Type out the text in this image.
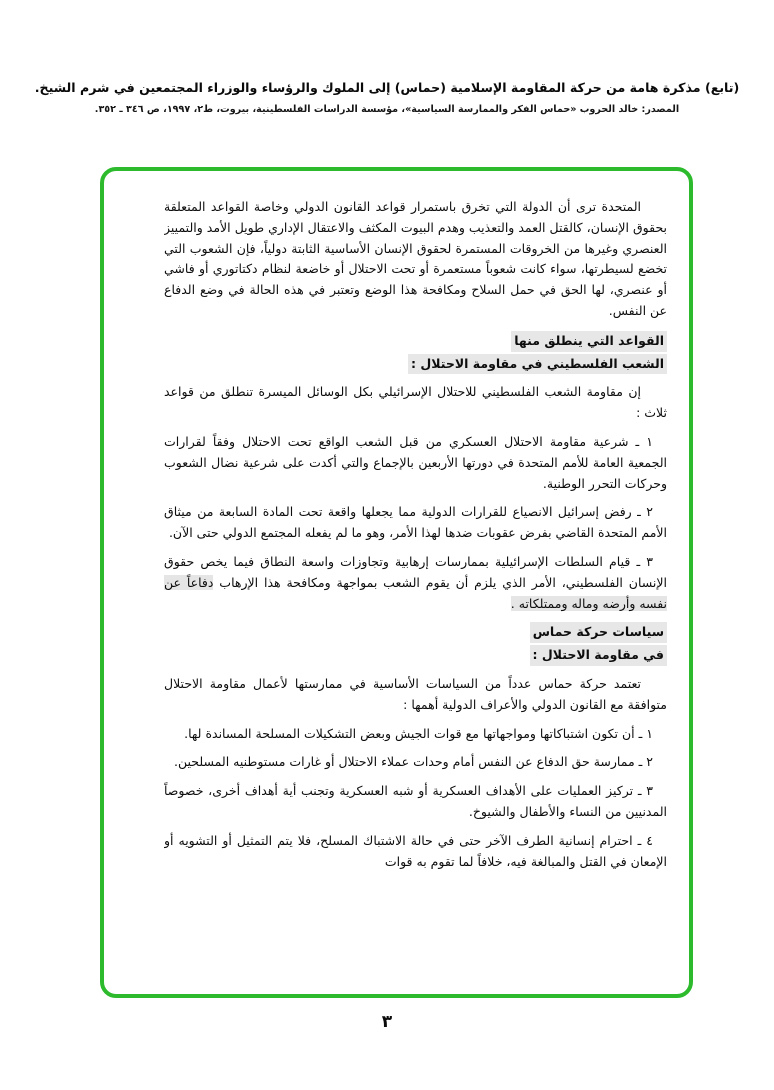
(تابع) مذكرة هامة من حركة المقاومة الإسلامية (حماس) إلى الملوك والرؤساء والوزراء المجتمعين في شرم الشيخ.
المصدر: خالد الحروب «حماس الفكر والممارسة السياسية»، مؤسسة الدراسات الفلسطينية، بيروت، ط٢، ١٩٩٧، ص ٣٤٦ ـ ٣٥٢.
المتحدة ترى أن الدولة التي تخرق باستمرار قواعد القانون الدولي وخاصة القواعد المتعلقة بحقوق الإنسان، كالقتل العمد والتعذيب وهدم البيوت المكثف والاعتقال الإداري طويل الأمد والتمييز العنصري وغيرها من الخروقات المستمرة لحقوق الإنسان الأساسية الثابتة دولياً، فإن الشعوب التي تخضع لسيطرتها، سواء كانت شعوباً مستعمرة أو تحت الاحتلال أو خاضعة لنظام دكتاتوري أو فاشي أو عنصري، لها الحق في حمل السلاح ومكافحة هذا الوضع وتعتبر في هذه الحالة في وضع الدفاع عن النفس.
القواعد التي ينطلق منها
الشعب الفلسطيني في مقاومة الاحتلال :
إن مقاومة الشعب الفلسطيني للاحتلال الإسرائيلي بكل الوسائل الميسرة تنطلق من قواعد ثلاث :
١ ـ شرعية مقاومة الاحتلال العسكري من قبل الشعب الواقع تحت الاحتلال وفقاً لقرارات الجمعية العامة للأمم المتحدة في دورتها الأربعين بالإجماع والتي أكدت على شرعية نضال الشعوب وحركات التحرر الوطنية.
٢ ـ رفض إسرائيل الانصياع للقرارات الدولية مما يجعلها واقعة تحت المادة السابعة من ميثاق الأمم المتحدة القاضي بفرض عقوبات ضدها لهذا الأمر، وهو ما لم يفعله المجتمع الدولي حتى الآن.
٣ ـ قيام السلطات الإسرائيلية بممارسات إرهابية وتجاوزات واسعة النطاق فيما يخص حقوق الإنسان الفلسطيني، الأمر الذي يلزم أن يقوم الشعب بمواجهة ومكافحة هذا الإرهاب دفاعاً عن نفسه وأرضه وماله وممتلكاته .
سياسات حركة حماس
في مقاومة الاحتلال :
تعتمد حركة حماس عدداً من السياسات الأساسية في ممارستها لأعمال مقاومة الاحتلال متوافقة مع القانون الدولي والأعراف الدولية أهمها :
١ ـ أن تكون اشتباكاتها ومواجهاتها مع قوات الجيش وبعض التشكيلات المسلحة المساندة لها.
٢ ـ ممارسة حق الدفاع عن النفس أمام وحدات عملاء الاحتلال أو غارات مستوطنيه المسلحين.
٣ ـ تركيز العمليات على الأهداف العسكرية أو شبه العسكرية وتجنب أية أهداف أخرى، خصوصاً المدنيين من النساء والأطفال والشيوخ.
٤ ـ احترام إنسانية الطرف الآخر حتى في حالة الاشتباك المسلح، فلا يتم التمثيل أو التشويه أو الإمعان في القتل والمبالغة فيه، خلافاً لما تقوم به قوات
٣
